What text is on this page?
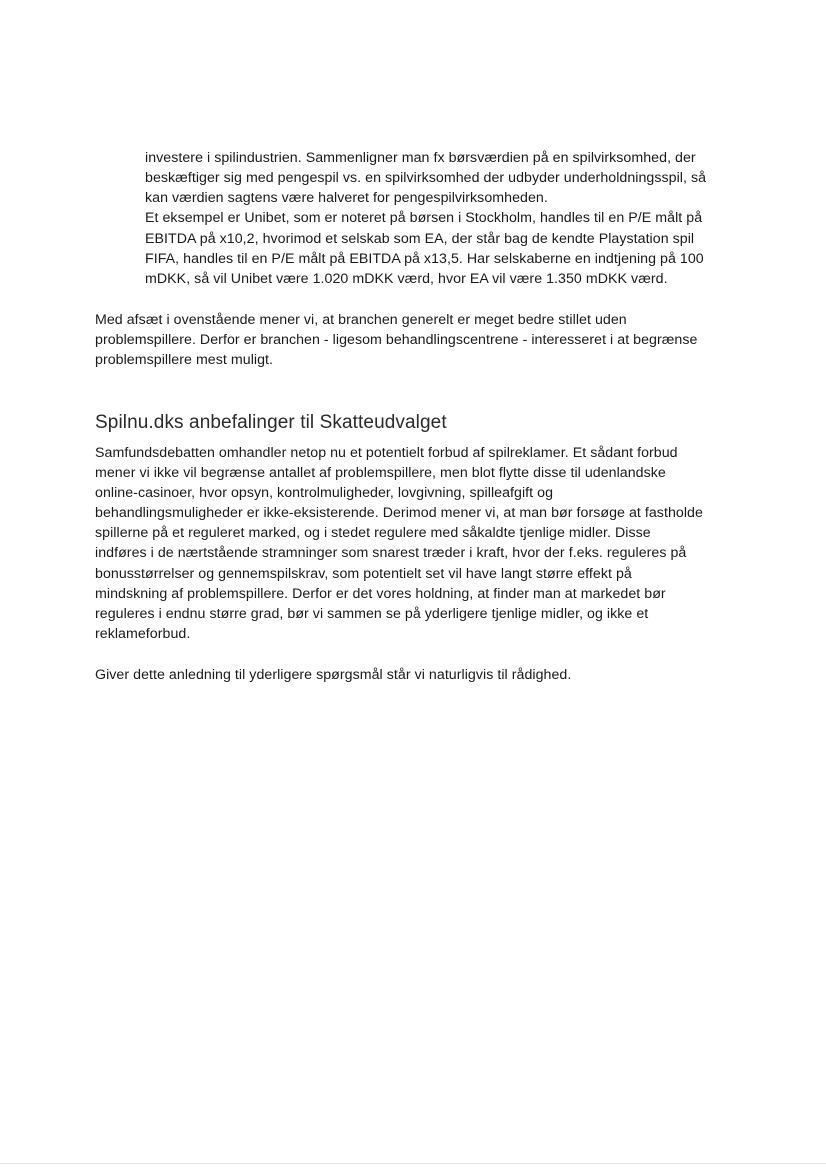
investere i spilindustrien. Sammenligner man fx børsværdien på en spilvirksomhed, der
beskæftiger sig med pengespil vs. en spilvirksomhed der udbyder underholdningsspil, så
kan værdien sagtens være halveret for pengespilvirksomheden.
Et eksempel er Unibet, som er noteret på børsen i Stockholm, handles til en P/E målt på
EBITDA på x10,2, hvorimod et selskab som EA, der står bag de kendte Playstation spil
FIFA, handles til en P/E målt på EBITDA på x13,5. Har selskaberne en indtjening på 100
mDKK, så vil Unibet være 1.020 mDKK værd, hvor EA vil være 1.350 mDKK værd.
Med afsæt i ovenstående mener vi, at branchen generelt er meget bedre stillet uden
problemspillere. Derfor er branchen - ligesom behandlingscentrene - interesseret i at begrænse
problemspillere mest muligt.
Spilnu.dks anbefalinger til Skatteudvalget
Samfundsdebatten omhandler netop nu et potentielt forbud af spilreklamer. Et sådant forbud
mener vi ikke vil begrænse antallet af problemspillere, men blot flytte disse til udenlandske
online-casinoer, hvor opsyn, kontrolmuligheder, lovgivning, spilleafgift og
behandlingsmuligheder er ikke-eksisterende. Derimod mener vi, at man bør forsøge at fastholde
spillerne på et reguleret marked, og i stedet regulere med såkaldte tjenlige midler. Disse
indføres i de nærtstående stramninger som snarest træder i kraft, hvor der f.eks. reguleres på
bonusstørrelser og gennemspilskrav, som potentielt set vil have langt større effekt på
mindskning af problemspillere. Derfor er det vores holdning, at finder man at markedet bør
reguleres i endnu større grad, bør vi sammen se på yderligere tjenlige midler, og ikke et
reklameforbud.
Giver dette anledning til yderligere spørgsmål står vi naturligvis til rådighed.
